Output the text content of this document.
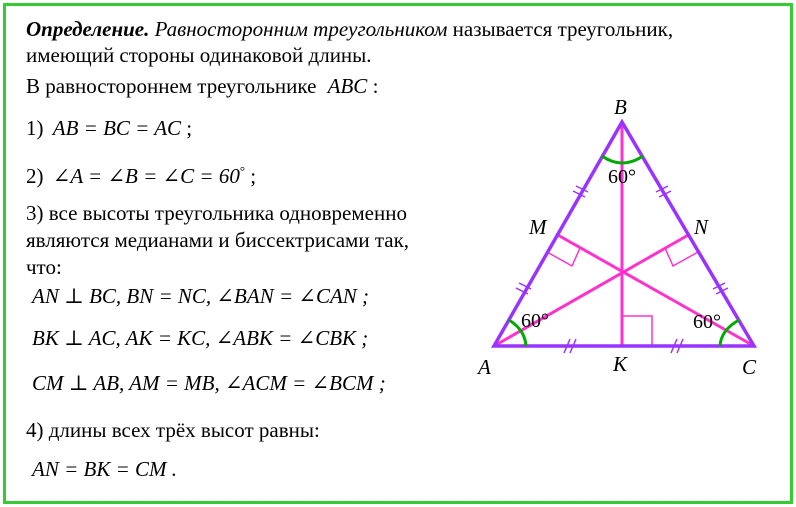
Определение. Равносторонним треугольником называется треугольник,
имеющий стороны одинаковой длины.
В равностороннем треугольнике ABC :
1) AB = BC = AC ;
2) ∠A = ∠B = ∠C = 60° ;
3) все высоты треугольника одновременно
являются медианами и биссектрисами так,
что:
AN ⊥ BC, BN = NC, ∠BAN = ∠CAN ;
BK ⊥ AC, AK = KC, ∠ABK = ∠CBK ;
CM ⊥ AB, AM = MB, ∠ACM = ∠BCM ;
4) длины всех трёх высот равны:
AN = BK = CM .
B
A	C
M	N
K
60°
60°	60°
